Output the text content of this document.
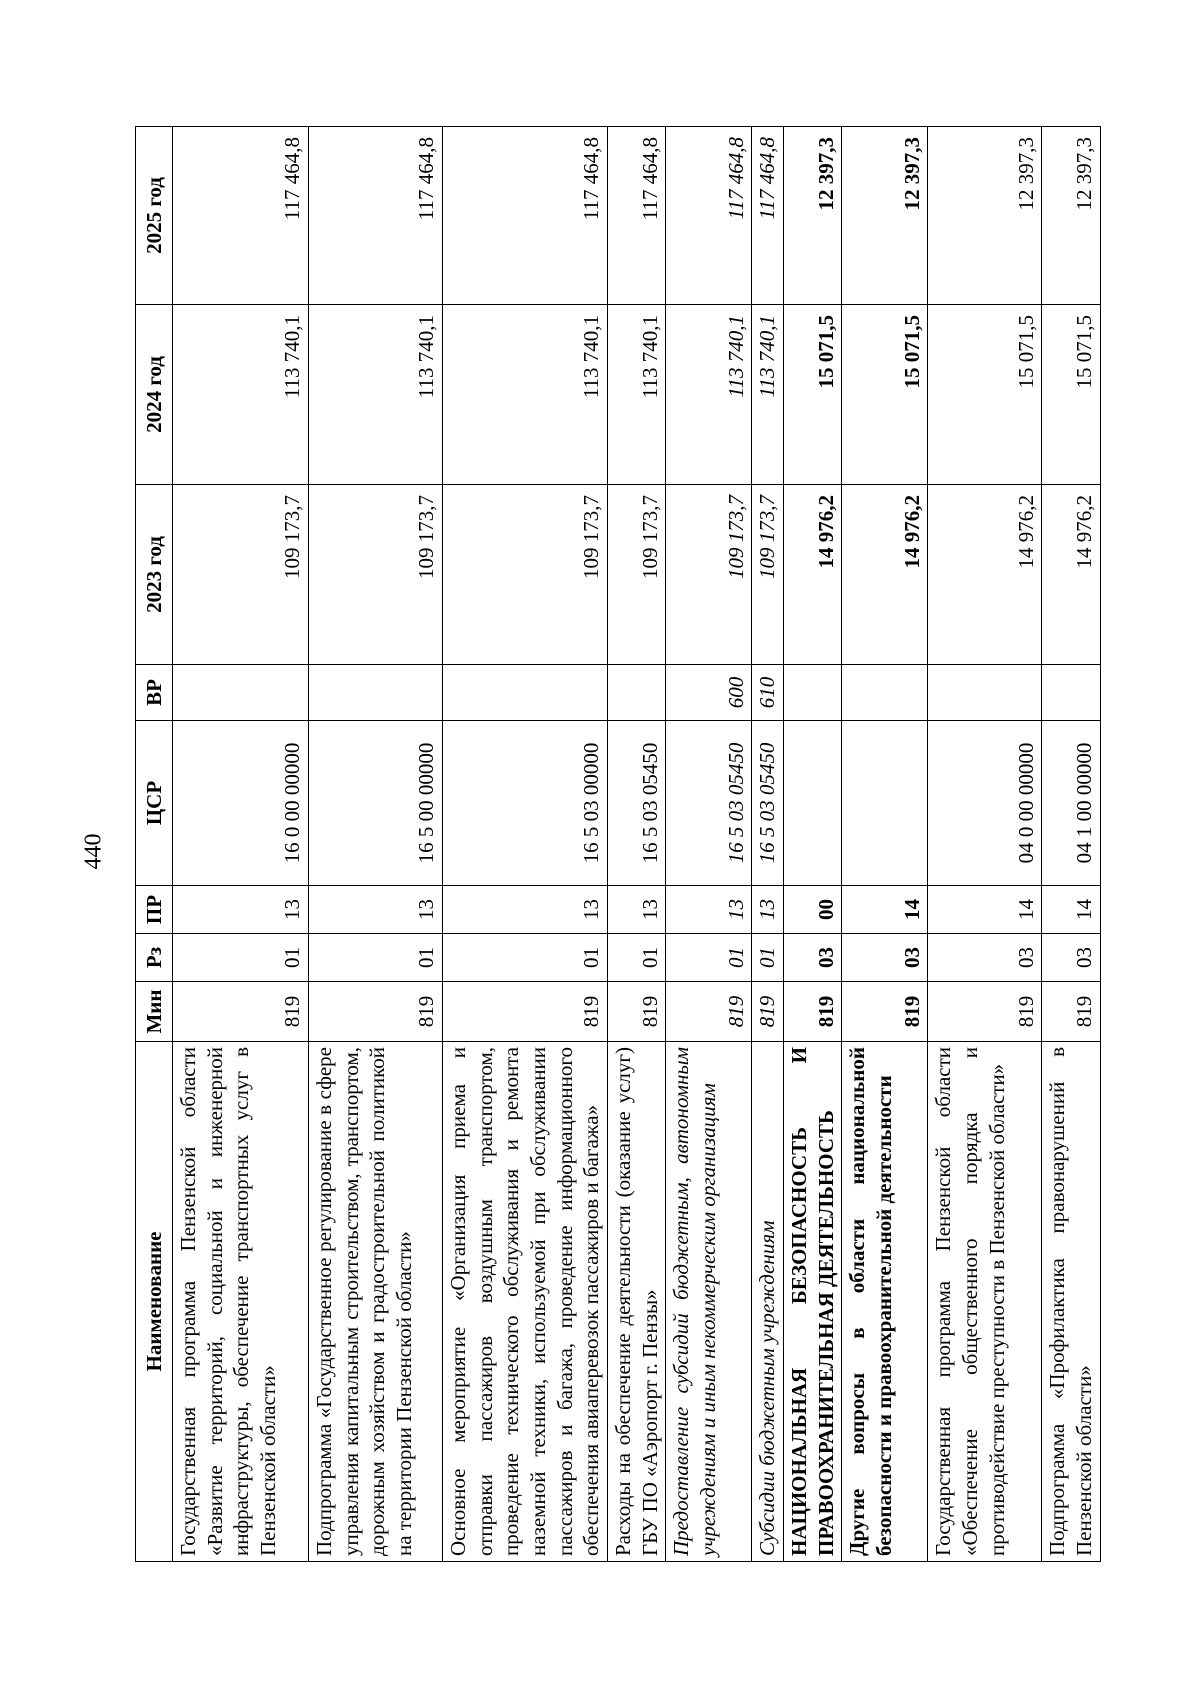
440
Наименование	Мин	Рз	ПР	ЦСР	ВР	2023 год	2024 год	2025 год
Государственная программа Пензенской области «Развитие территорий, социальной и инженерной инфраструктуры, обеспечение транспортных услуг в Пензенской области»	819	01	13	16 0 00 00000		109 173,7	113 740,1	117 464,8
Подпрограмма «Государственное регулирование в сфере управления капитальным строительством, транспортом, дорожным хозяйством и градостроительной политикой на территории Пензенской области»	819	01	13	16 5 00 00000		109 173,7	113 740,1	117 464,8
Основное мероприятие «Организация приема и отправки пассажиров воздушным транспортом, проведение технического обслуживания и ремонта наземной техники, используемой при обслуживании пассажиров и багажа, проведение информационного обеспечения авиаперевозок пассажиров и багажа»	819	01	13	16 5 03 00000		109 173,7	113 740,1	117 464,8
Расходы на обеспечение деятельности (оказание услуг) ГБУ ПО «Аэропорт г. Пензы»	819	01	13	16 5 03 05450		109 173,7	113 740,1	117 464,8
Предоставление субсидий бюджетным, автономным учреждениям и иным некоммерческим организациям	819	01	13	16 5 03 05450	600	109 173,7	113 740,1	117 464,8
Субсидии бюджетным учреждениям	819	01	13	16 5 03 05450	610	109 173,7	113 740,1	117 464,8
НАЦИОНАЛЬНАЯ БЕЗОПАСНОСТЬ И ПРАВООХРАНИТЕЛЬНАЯ ДЕЯТЕЛЬНОСТЬ	819	03	00			14 976,2	15 071,5	12 397,3
Другие вопросы в области национальной безопасности и правоохранительной деятельности	819	03	14			14 976,2	15 071,5	12 397,3
Государственная программа Пензенской области «Обеспечение общественного порядка и противодействие преступности в Пензенской области»	819	03	14	04 0 00 00000		14 976,2	15 071,5	12 397,3
Подпрограмма «Профилактика правонарушений в Пензенской области»	819	03	14	04 1 00 00000		14 976,2	15 071,5	12 397,3
